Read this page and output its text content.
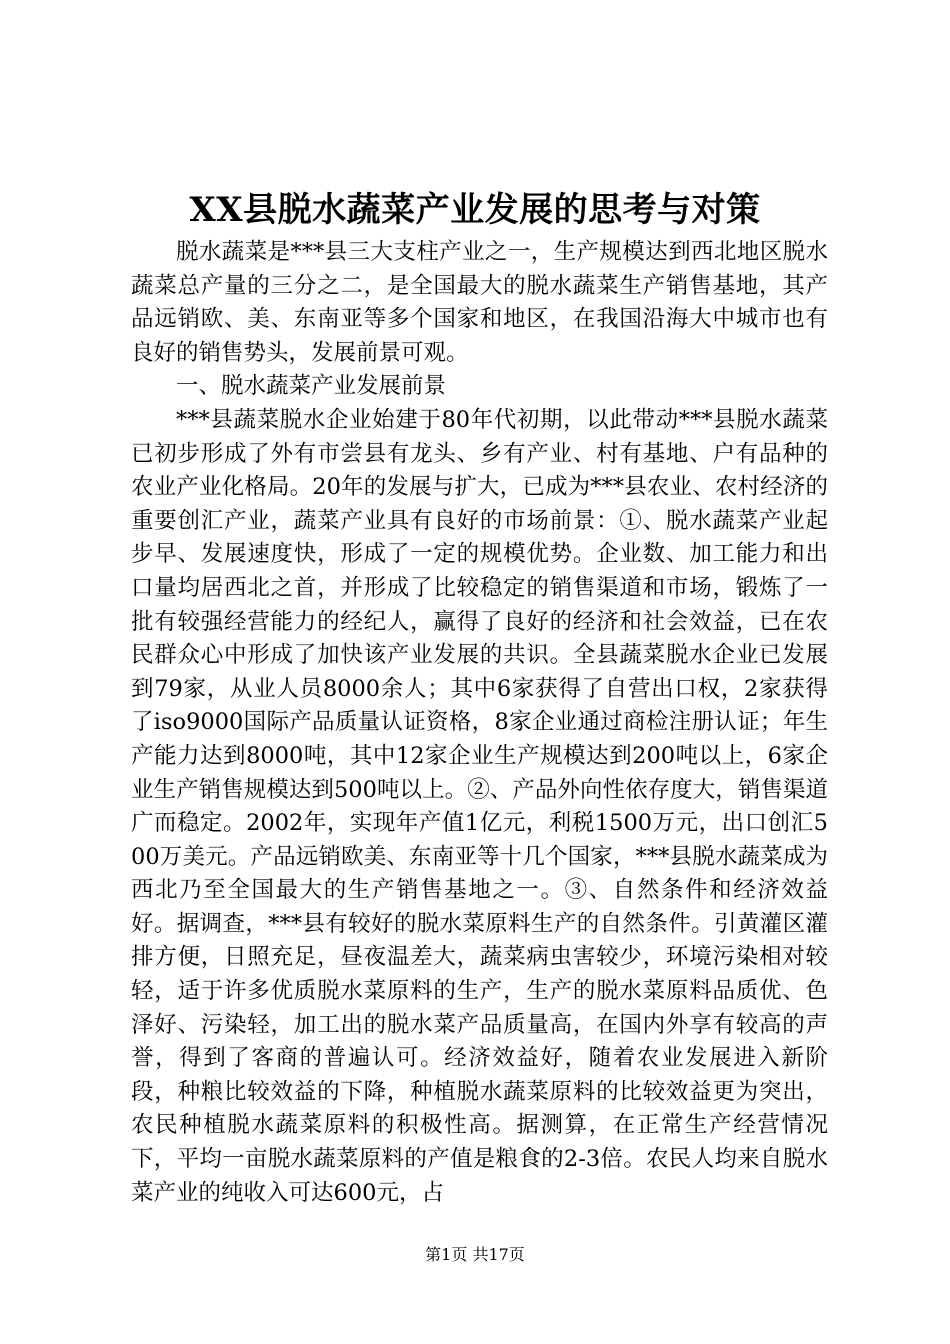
XX县脱水蔬菜产业发展的思考与对策

脱水蔬菜是***县三大支柱产业之一，生产规模达到西北地区脱水蔬菜总产量的三分之二，是全国最大的脱水蔬菜生产销售基地，其产品远销欧、美、东南亚等多个国家和地区，在我国沿海大中城市也有良好的销售势头，发展前景可观。

一、脱水蔬菜产业发展前景

***县蔬菜脱水企业始建于80年代初期，以此带动***县脱水蔬菜已初步形成了外有市尝县有龙头、乡有产业、村有基地、户有品种的农业产业化格局。20年的发展与扩大，已成为***县农业、农村经济的重要创汇产业，蔬菜产业具有良好的市场前景：①、脱水蔬菜产业起步早、发展速度快，形成了一定的规模优势。企业数、加工能力和出口量均居西北之首，并形成了比较稳定的销售渠道和市场，锻炼了一批有较强经营能力的经纪人，赢得了良好的经济和社会效益，已在农民群众心中形成了加快该产业发展的共识。全县蔬菜脱水企业已发展到79家，从业人员8000余人；其中6家获得了自营出口权，2家获得了iso9000国际产品质量认证资格，8家企业通过商检注册认证；年生产能力达到8000吨，其中12家企业生产规模达到200吨以上，6家企业生产销售规模达到500吨以上。②、产品外向性依存度大，销售渠道广而稳定。2002年，实现年产值1亿元，利税1500万元，出口创汇500万美元。产品远销欧美、东南亚等十几个国家，***县脱水蔬菜成为西北乃至全国最大的生产销售基地之一。③、自然条件和经济效益好。据调查，***县有较好的脱水菜原料生产的自然条件。引黄灌区灌排方便，日照充足，昼夜温差大，蔬菜病虫害较少，环境污染相对较轻，适于许多优质脱水菜原料的生产，生产的脱水菜原料品质优、色泽好、污染轻，加工出的脱水菜产品质量高，在国内外享有较高的声誉，得到了客商的普遍认可。经济效益好，随着农业发展进入新阶段，种粮比较效益的下降，种植脱水蔬菜原料的比较效益更为突出，农民种植脱水蔬菜原料的积极性高。据测算，在正常生产经营情况下，平均一亩脱水蔬菜原料的产值是粮食的2-3倍。农民人均来自脱水菜产业的纯收入可达600元，占

第1页 共17页
